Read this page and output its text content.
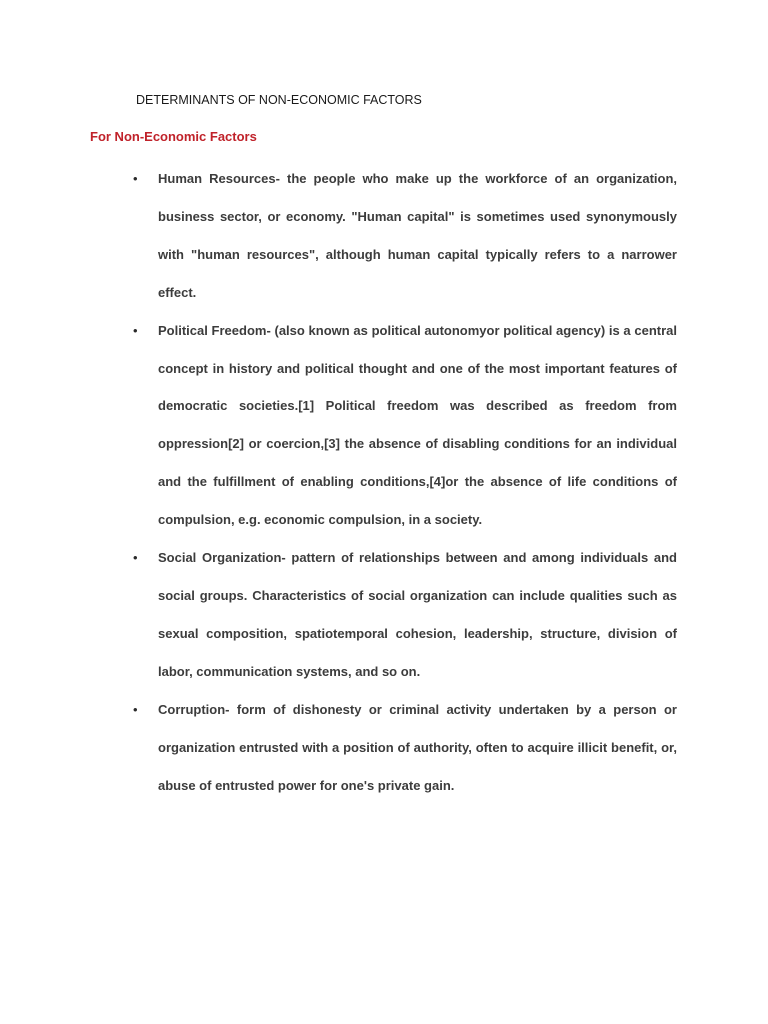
DETERMINANTS OF NON-ECONOMIC FACTORS
For Non-Economic Factors
• Human Resources- the people who make up the workforce of an organization, business sector, or economy. "Human capital" is sometimes used synonymously with "human resources", although human capital typically refers to a narrower effect.
• Political Freedom- (also known as political autonomyor political agency) is a central concept in history and political thought and one of the most important features of democratic societies.[1] Political freedom was described as freedom from oppression[2] or coercion,[3] the absence of disabling conditions for an individual and the fulfillment of enabling conditions,[4]or the absence of life conditions of compulsion, e.g. economic compulsion, in a society.
• Social Organization- pattern of relationships between and among individuals and social groups. Characteristics of social organization can include qualities such as sexual composition, spatiotemporal cohesion, leadership, structure, division of labor, communication systems, and so on.
• Corruption- form of dishonesty or criminal activity undertaken by a person or organization entrusted with a position of authority, often to acquire illicit benefit, or, abuse of entrusted power for one's private gain.
